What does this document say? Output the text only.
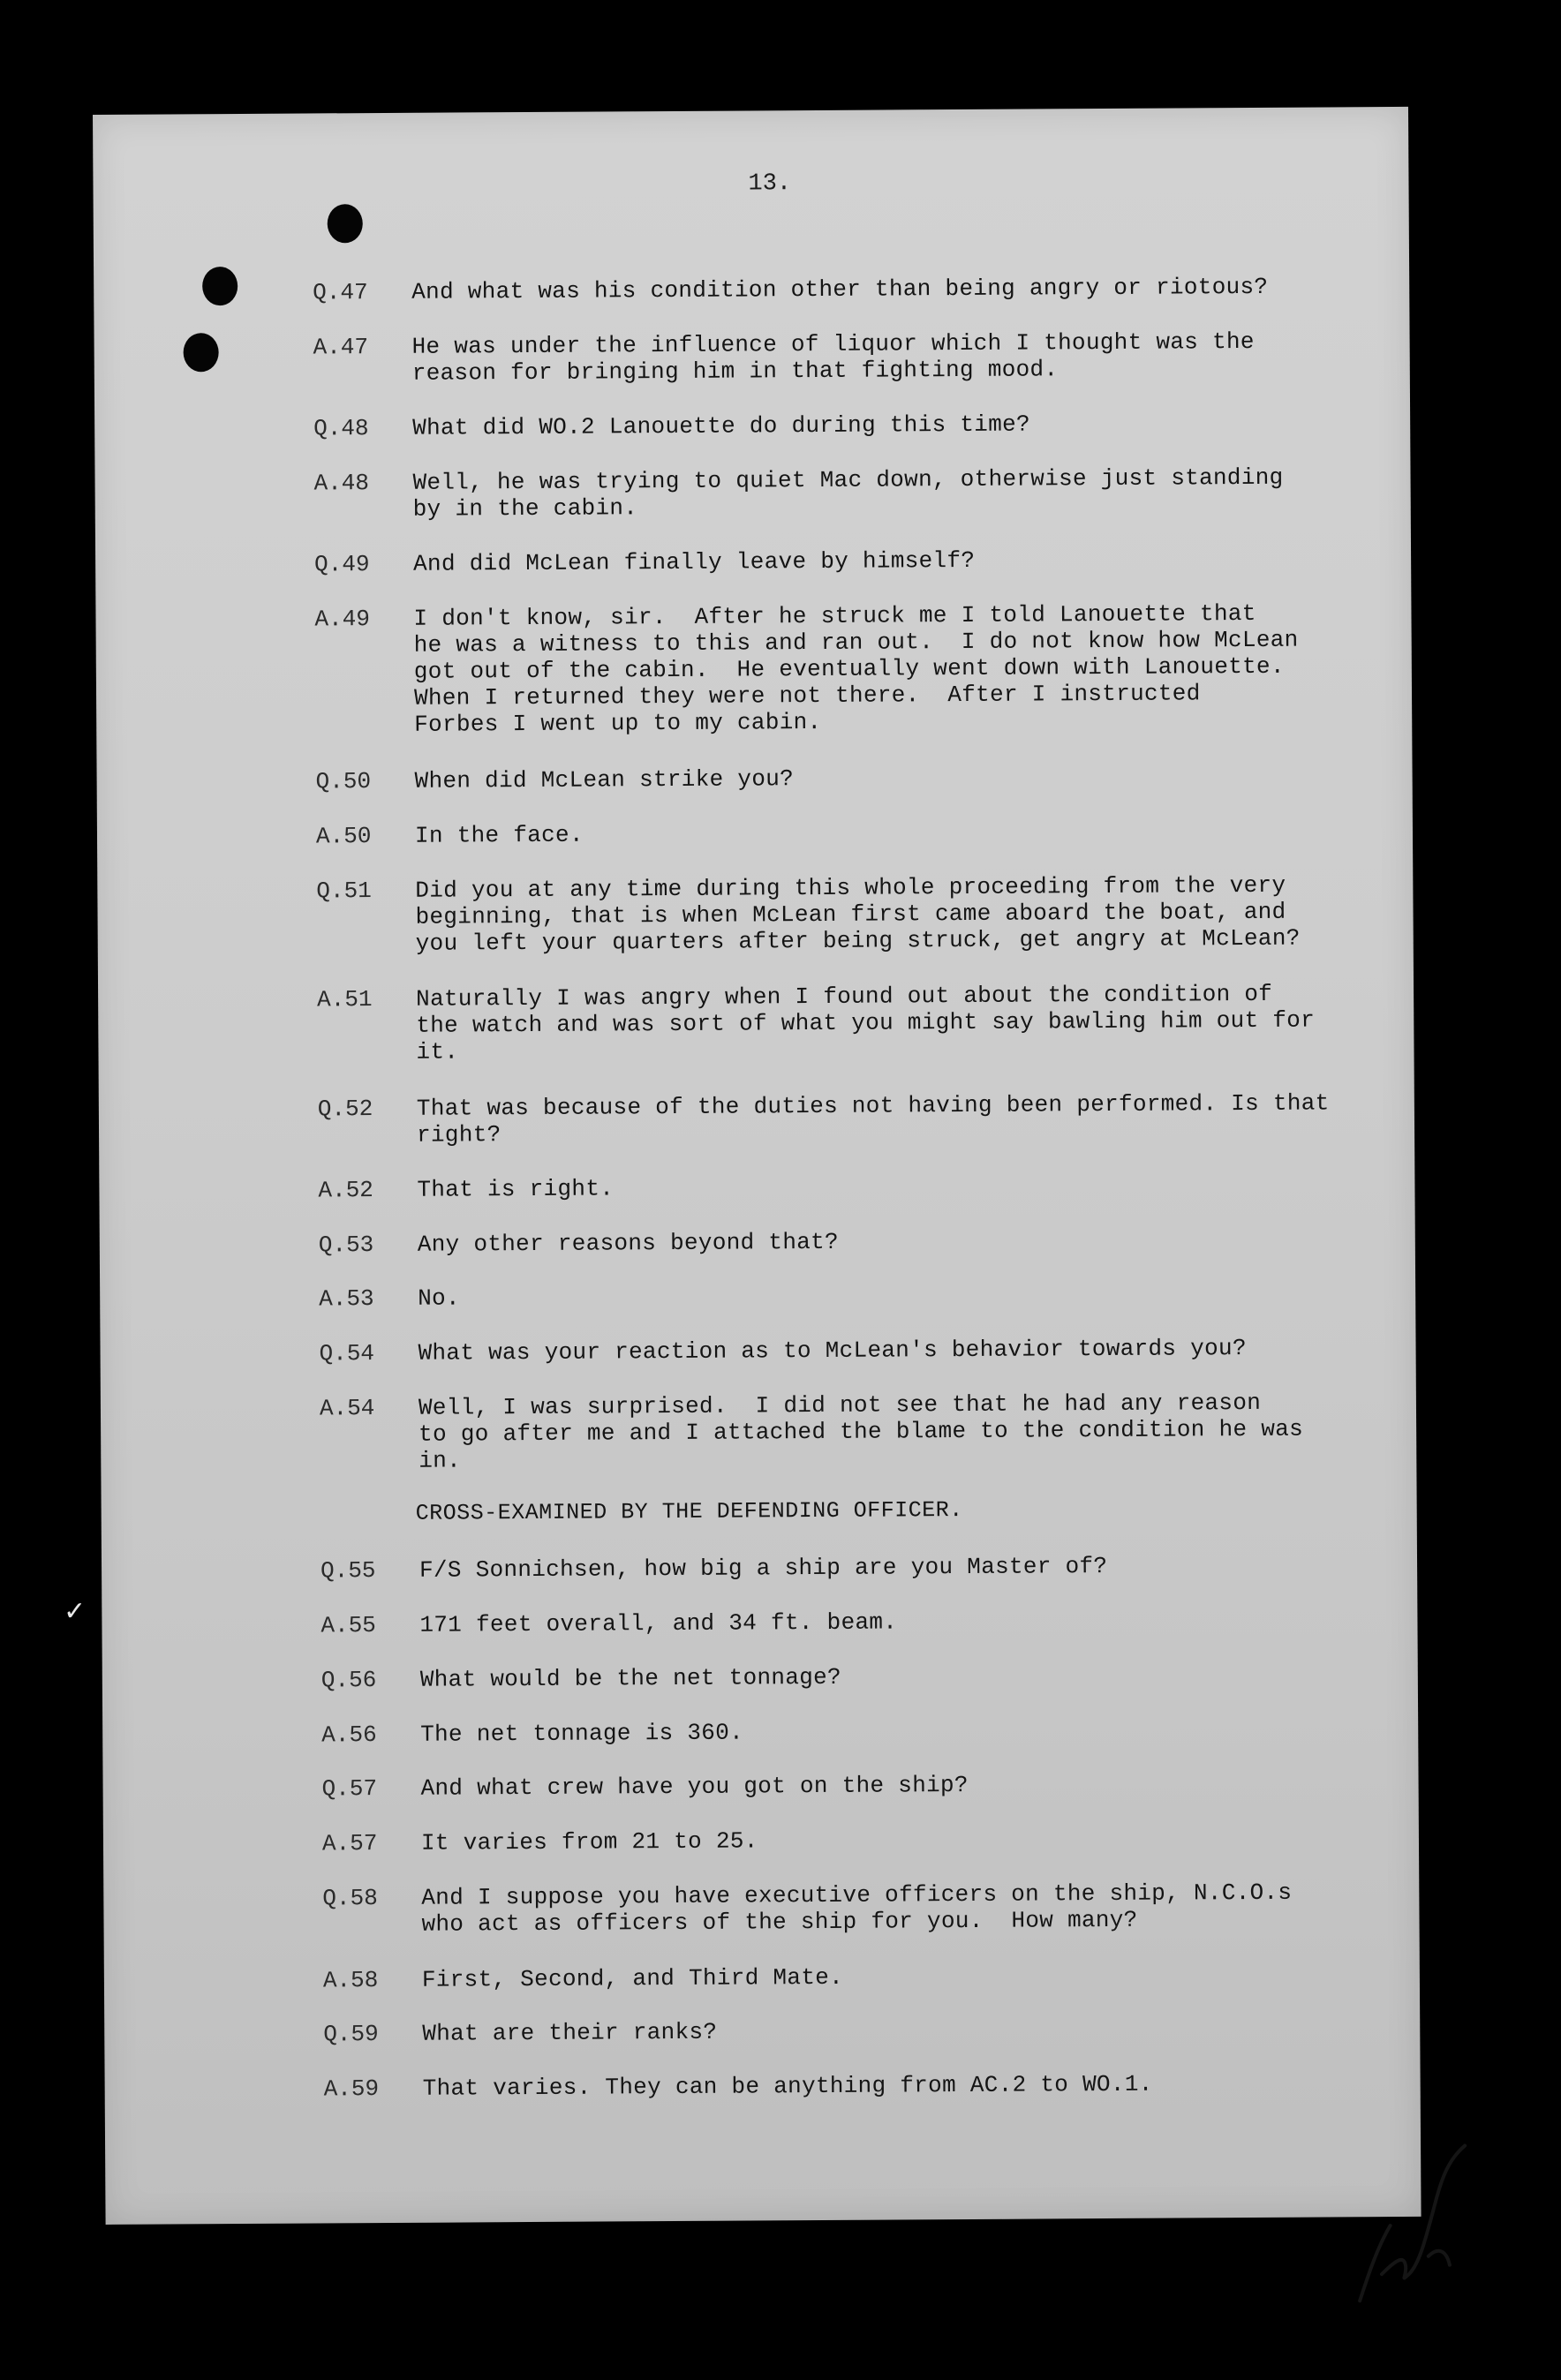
13.
Q.47 And what was his condition other than being angry or riotous?
A.47 He was under the influence of liquor which I thought was the
reason for bringing him in that fighting mood.
Q.48 What did WO.2 Lanouette do during this time?
A.48 Well, he was trying to quiet Mac down, otherwise just standing
by in the cabin.
Q.49 And did McLean finally leave by himself?
A.49 I don't know, sir.  After he struck me I told Lanouette that
he was a witness to this and ran out.  I do not know how McLean
got out of the cabin.  He eventually went down with Lanouette.
When I returned they were not there.  After I instructed
Forbes I went up to my cabin.
Q.50 When did McLean strike you?
A.50 In the face.
Q.51 Did you at any time during this whole proceeding from the very
beginning, that is when McLean first came aboard the boat, and
you left your quarters after being struck, get angry at McLean?
A.51 Naturally I was angry when I found out about the condition of
the watch and was sort of what you might say bawling him out for
it.
Q.52 That was because of the duties not having been performed. Is that
right?
A.52 That is right.
Q.53 Any other reasons beyond that?
A.53 No.
Q.54 What was your reaction as to McLean's behavior towards you?
A.54 Well, I was surprised.  I did not see that he had any reason
to go after me and I attached the blame to the condition he was
in.
CROSS-EXAMINED BY THE DEFENDING OFFICER.
Q.55 F/S Sonnichsen, how big a ship are you Master of?
A.55 171 feet overall, and 34 ft. beam.
Q.56 What would be the net tonnage?
A.56 The net tonnage is 360.
Q.57 And what crew have you got on the ship?
A.57 It varies from 21 to 25.
Q.58 And I suppose you have executive officers on the ship, N.C.O.s
who act as officers of the ship for you.  How many?
A.58 First, Second, and Third Mate.
Q.59 What are their ranks?
A.59 That varies. They can be anything from AC.2 to WO.1.
✓
